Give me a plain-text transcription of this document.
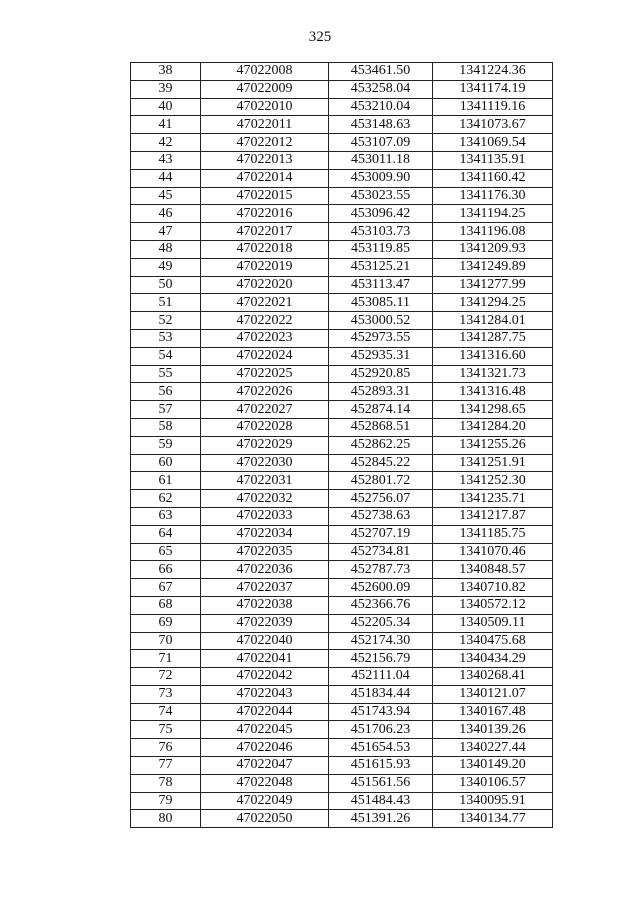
325
38	47022008	453461.50	1341224.36
39	47022009	453258.04	1341174.19
40	47022010	453210.04	1341119.16
41	47022011	453148.63	1341073.67
42	47022012	453107.09	1341069.54
43	47022013	453011.18	1341135.91
44	47022014	453009.90	1341160.42
45	47022015	453023.55	1341176.30
46	47022016	453096.42	1341194.25
47	47022017	453103.73	1341196.08
48	47022018	453119.85	1341209.93
49	47022019	453125.21	1341249.89
50	47022020	453113.47	1341277.99
51	47022021	453085.11	1341294.25
52	47022022	453000.52	1341284.01
53	47022023	452973.55	1341287.75
54	47022024	452935.31	1341316.60
55	47022025	452920.85	1341321.73
56	47022026	452893.31	1341316.48
57	47022027	452874.14	1341298.65
58	47022028	452868.51	1341284.20
59	47022029	452862.25	1341255.26
60	47022030	452845.22	1341251.91
61	47022031	452801.72	1341252.30
62	47022032	452756.07	1341235.71
63	47022033	452738.63	1341217.87
64	47022034	452707.19	1341185.75
65	47022035	452734.81	1341070.46
66	47022036	452787.73	1340848.57
67	47022037	452600.09	1340710.82
68	47022038	452366.76	1340572.12
69	47022039	452205.34	1340509.11
70	47022040	452174.30	1340475.68
71	47022041	452156.79	1340434.29
72	47022042	452111.04	1340268.41
73	47022043	451834.44	1340121.07
74	47022044	451743.94	1340167.48
75	47022045	451706.23	1340139.26
76	47022046	451654.53	1340227.44
77	47022047	451615.93	1340149.20
78	47022048	451561.56	1340106.57
79	47022049	451484.43	1340095.91
80	47022050	451391.26	1340134.77
